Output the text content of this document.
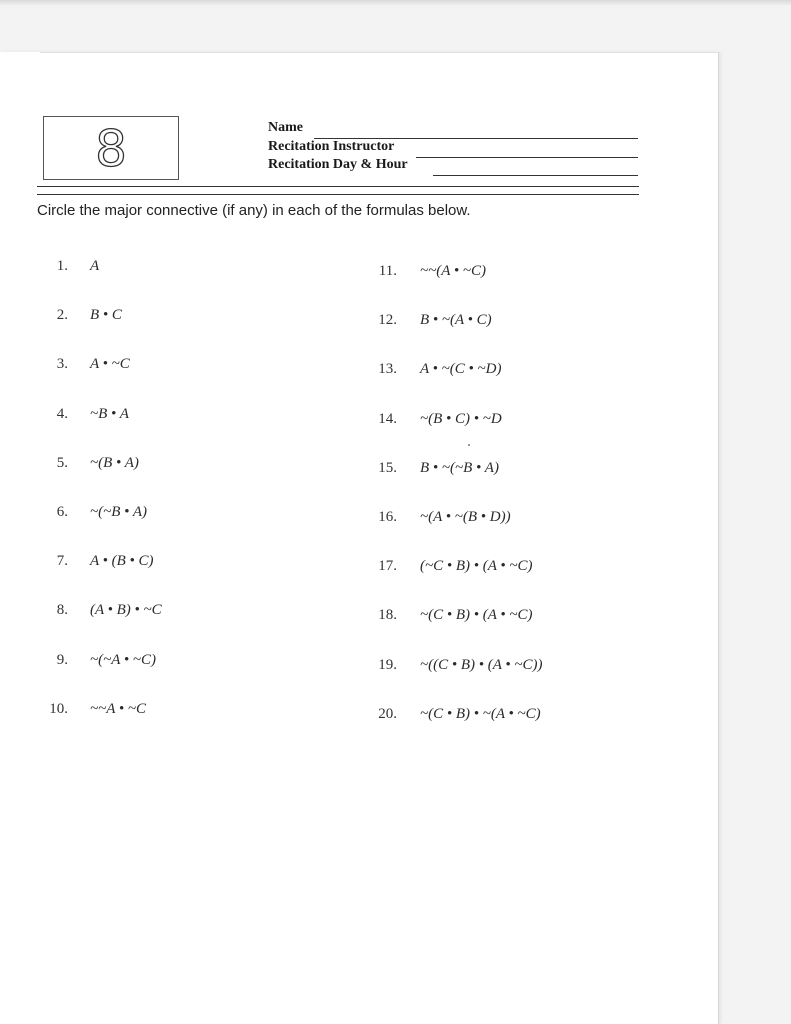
8	Name
Recitation Instructor
Recitation Day & Hour
Circle the major connective (if any) in each of the formulas below.
1. A
2. B • C
3. A • ~C
4. ~B • A
5. ~(B • A)
6. ~(~B • A)
7. A • (B • C)
8. (A • B) • ~C
9. ~(~A • ~C)
10. ~~A • ~C
11. ~~(A • ~C)
12. B • ~(A • C)
13. A • ~(C • ~D)
14. ~(B • C) • ~D
15. B • ~(~B • A)
16. ~(A • ~(B • D))
17. (~C • B) • (A • ~C)
18. ~(C • B) • (A • ~C)
19. ~((C • B) • (A • ~C))
20. ~(C • B) • ~(A • ~C)
